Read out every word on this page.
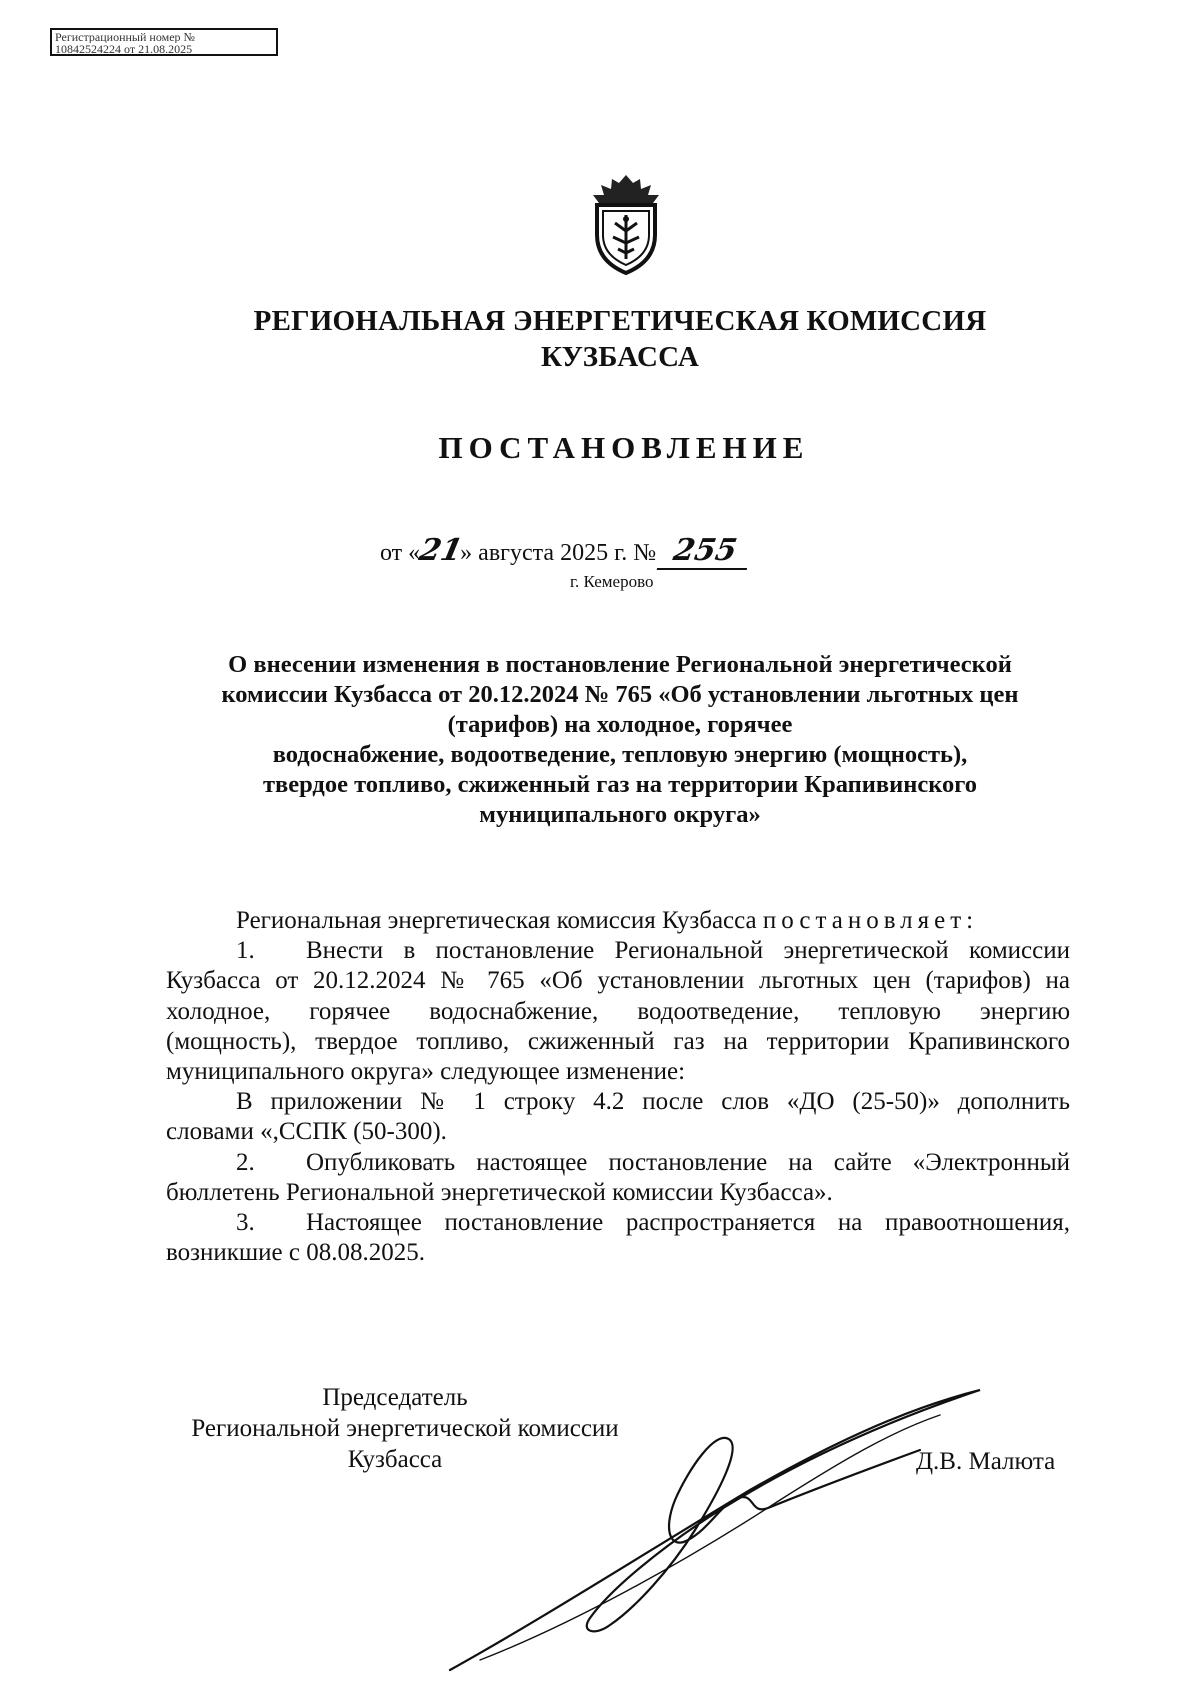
Регистрационный номер №
10842524224 от 21.08.2025
РЕГИОНАЛЬНАЯ ЭНЕРГЕТИЧЕСКАЯ КОМИССИЯ
КУЗБАССА
ПОСТАНОВЛЕНИЕ
от «21» августа 2025 г. № 255
г. Кемерово
О внесении изменения в постановление Региональной энергетической
комиссии Кузбасса от 20.12.2024 № 765 «Об установлении льготных цен
(тарифов) на холодное, горячее
водоснабжение, водоотведение, тепловую энергию (мощность),
твердое топливо, сжиженный газ на территории Крапивинского
муниципального округа»

Региональная энергетическая комиссия Кузбасса постановляет:

1. Внести в постановление Региональной энергетической комиссии

Кузбасса от 20.12.2024 № 765 «Об установлении льготных цен (тарифов) на

холодное, горячее водоснабжение, водоотведение, тепловую энергию

(мощность), твердое топливо, сжиженный газ на территории Крапивинского

муниципального округа» следующее изменение:

В приложении № 1 строку 4.2 после слов «ДО (25-50)» дополнить

словами «,ССПК (50-300).

2. Опубликовать настоящее постановление на сайте «Электронный

бюллетень Региональной энергетической комиссии Кузбасса».

3. Настоящее постановление распространяется на правоотношения,

возникшие с 08.08.2025.

Председатель
Региональной энергетической комиссии
Кузбасса	Д.В. Малюта
